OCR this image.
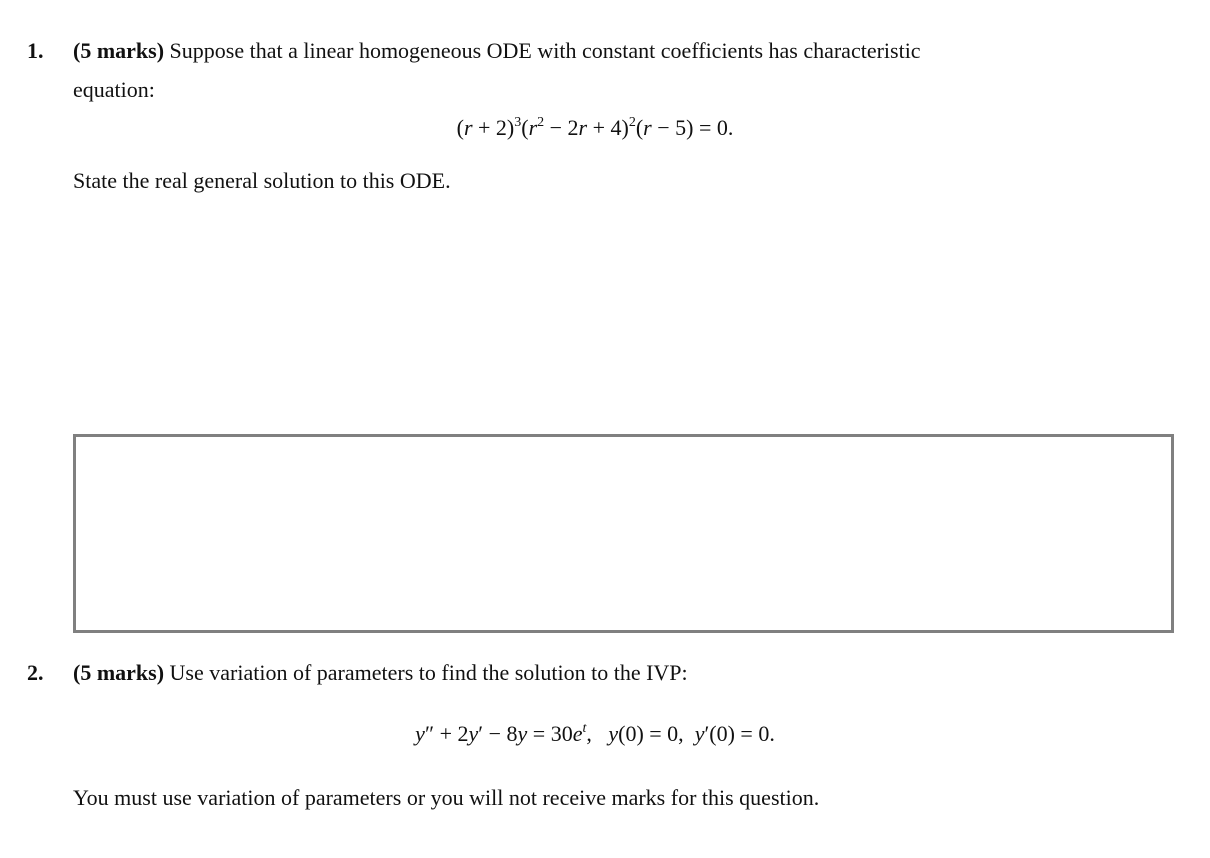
1. (5 marks) Suppose that a linear homogeneous ODE with constant coefficients has characteristic
equation:
$(r + 2)^3(r^2 - 2r + 4)^2(r - 5) = 0$.
State the real general solution to this ODE.
2. (5 marks) Use variation of parameters to find the solution to the IVP:
$y'' + 2y' - 8y = 30e^t$,   y(0) = 0,  y′(0) = 0.
You must use variation of parameters or you will not receive marks for this question.
